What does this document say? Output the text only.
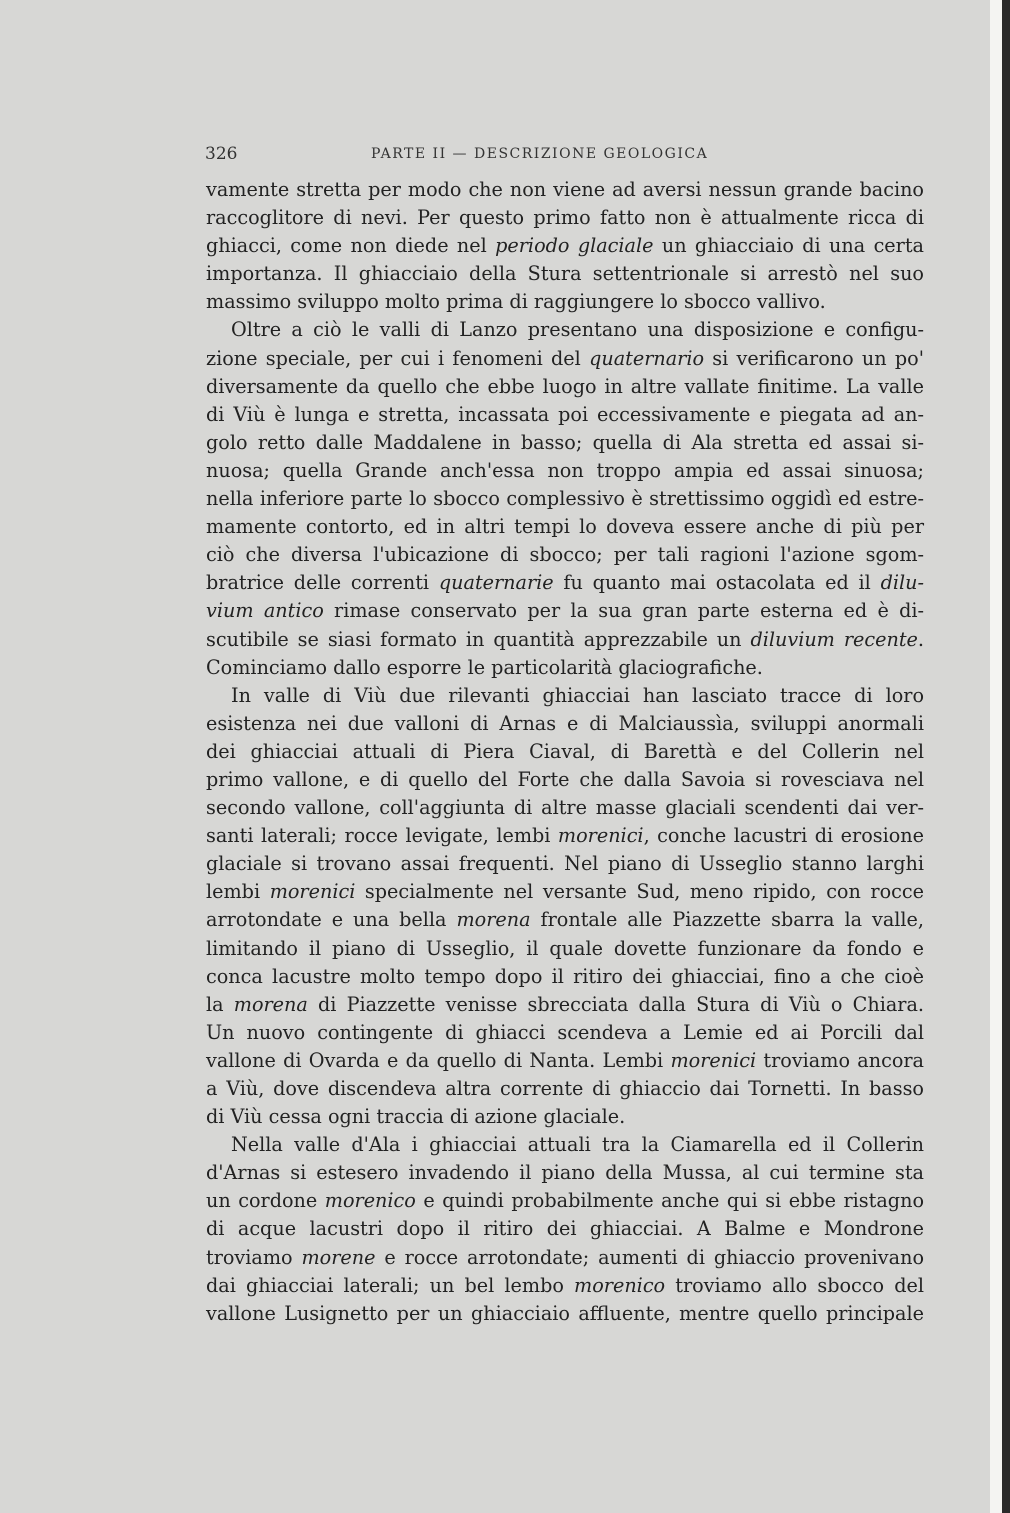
326	PARTE II — DESCRIZIONE GEOLOGICA
vamente stretta per modo che non viene ad aversi nessun grande bacino
raccoglitore di nevi. Per questo primo fatto non è attualmente ricca di
ghiacci, come non diede nel periodo glaciale un ghiacciaio di una certa
importanza. Il ghiacciaio della Stura settentrionale si arrestò nel suo
massimo sviluppo molto prima di raggiungere lo sbocco vallivo.
Oltre a ciò le valli di Lanzo presentano una disposizione e configu-
zione speciale, per cui i fenomeni del quaternario si verificarono un po'
diversamente da quello che ebbe luogo in altre vallate finitime. La valle
di Viù è lunga e stretta, incassata poi eccessivamente e piegata ad an-
golo retto dalle Maddalene in basso; quella di Ala stretta ed assai si-
nuosa; quella Grande anch'essa non troppo ampia ed assai sinuosa;
nella inferiore parte lo sbocco complessivo è strettissimo oggidì ed estre-
mamente contorto, ed in altri tempi lo doveva essere anche di più per
ciò che diversa l'ubicazione di sbocco; per tali ragioni l'azione sgom-
bratrice delle correnti quaternarie fu quanto mai ostacolata ed il dilu-
vium antico rimase conservato per la sua gran parte esterna ed è di-
scutibile se siasi formato in quantità apprezzabile un diluvium recente.
Cominciamo dallo esporre le particolarità glaciografiche.
In valle di Viù due rilevanti ghiacciai han lasciato tracce di loro
esistenza nei due valloni di Arnas e di Malciaussìa, sviluppi anormali
dei ghiacciai attuali di Piera Ciaval, di Barettà e del Collerin nel
primo vallone, e di quello del Forte che dalla Savoia si rovesciava nel
secondo vallone, coll'aggiunta di altre masse glaciali scendenti dai ver-
santi laterali; rocce levigate, lembi morenici, conche lacustri di erosione
glaciale si trovano assai frequenti. Nel piano di Usseglio stanno larghi
lembi morenici specialmente nel versante Sud, meno ripido, con rocce
arrotondate e una bella morena frontale alle Piazzette sbarra la valle,
limitando il piano di Usseglio, il quale dovette funzionare da fondo e
conca lacustre molto tempo dopo il ritiro dei ghiacciai, fino a che cioè
la morena di Piazzette venisse sbrecciata dalla Stura di Viù o Chiara.
Un nuovo contingente di ghiacci scendeva a Lemie ed ai Porcili dal
vallone di Ovarda e da quello di Nanta. Lembi morenici troviamo ancora
a Viù, dove discendeva altra corrente di ghiaccio dai Tornetti. In basso
di Viù cessa ogni traccia di azione glaciale.
Nella valle d'Ala i ghiacciai attuali tra la Ciamarella ed il Collerin
d'Arnas si estesero invadendo il piano della Mussa, al cui termine sta
un cordone morenico e quindi probabilmente anche qui si ebbe ristagno
di acque lacustri dopo il ritiro dei ghiacciai. A Balme e Mondrone
troviamo morene e rocce arrotondate; aumenti di ghiaccio provenivano
dai ghiacciai laterali; un bel lembo morenico troviamo allo sbocco del
vallone Lusignetto per un ghiacciaio affluente, mentre quello principale
